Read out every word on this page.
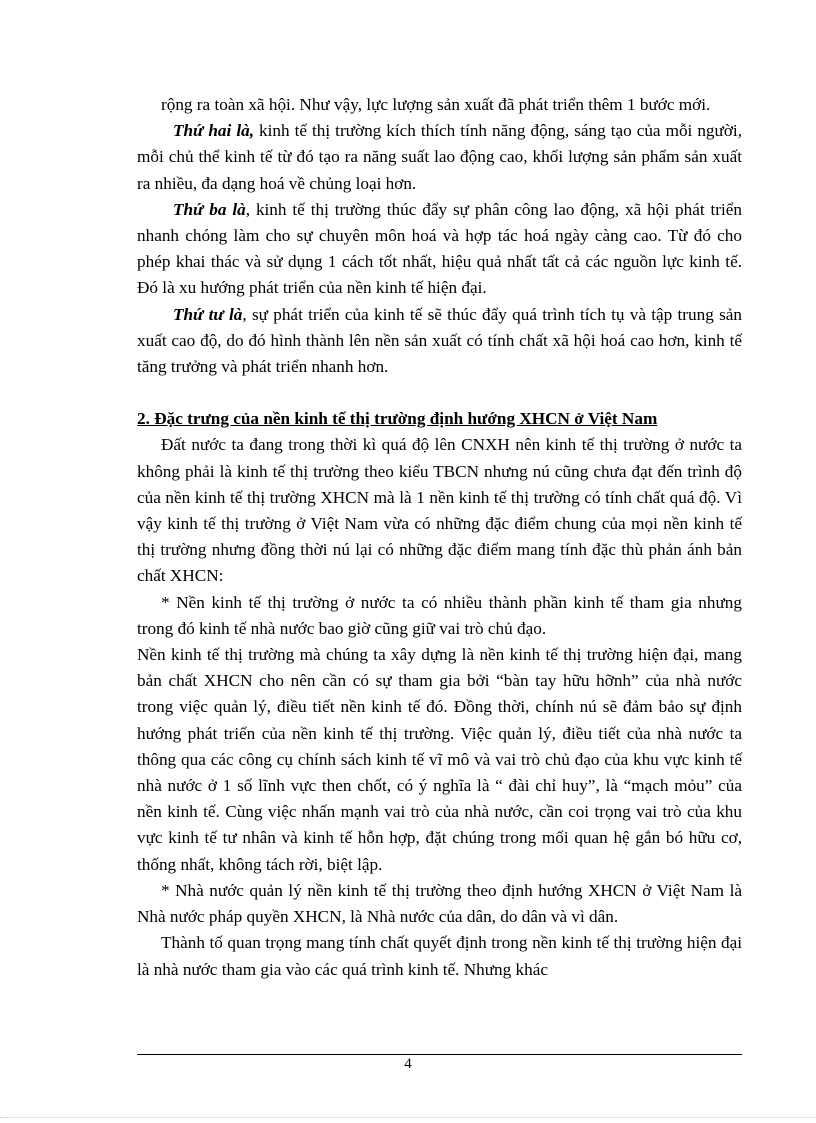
rộng ra toàn xã hội. Như vậy, lực lượng sản xuất đã phát triển thêm 1 bước mới.

Thứ hai là, kinh tế thị trường kích thích tính năng động, sáng tạo của mỗi người, mỗi chủ thể kinh tế từ đó tạo ra năng suất lao động cao, khối lượng sản phẩm sản xuất ra nhiều, đa dạng hoá về chủng loại hơn.

Thứ ba là, kinh tế thị trường thúc đẩy sự phân công lao động, xã hội phát triển nhanh chóng làm cho sự chuyên môn hoá và hợp tác hoá ngày càng cao. Từ đó cho phép khai thác và sử dụng 1 cách tốt nhất, hiệu quả nhất tất cả các nguồn lực kinh tế. Đó là xu hướng phát triển của nền kinh tế hiện đại.

Thứ tư là, sự phát triển của kinh tế sẽ thúc đẩy quá trình tích tụ và tập trung sản xuất cao độ, do đó hình thành lên nền sản xuất có tính chất xã hội hoá cao hơn, kinh tế tăng trưởng và phát triển nhanh hơn.

2. Đặc trưng của nền kinh tế thị trường định hướng XHCN ở Việt Nam

Đất nước ta đang trong thời kì quá độ lên CNXH nên kinh tế thị trường ở nước ta không phải là kinh tế thị trường theo kiểu TBCN nhưng nú cũng chưa đạt đến trình độ của nền kinh tế thị trường XHCN mà là 1 nền kinh tế thị trường có tính chất quá độ. Vì vậy kinh tế thị trường ở Việt Nam vừa có những đặc điểm chung của mọi nền kinh tế thị trường nhưng đồng thời nú lại có những đặc điểm mang tính đặc thù phản ánh bản chất XHCN:

* Nền kinh tế thị trường ở nước ta có nhiều thành phần kinh tế tham gia nhưng trong đó kinh tế nhà nước bao giờ cũng giữ vai trò chủ đạo.

Nền kinh tế thị trường mà chúng ta xây dựng là nền kinh tế thị trường hiện đại, mang bản chất XHCN cho nên cần có sự tham gia bởi “bàn tay hữu hỡnh” của nhà nước trong việc quản lý, điều tiết nền kinh tế đó. Đồng thời, chính nú sẽ đảm bảo sự định hướng phát triển của nền kinh tế thị trường. Việc quản lý, điều tiết của nhà nước ta thông qua các công cụ chính sách kinh tế vĩ mô và vai trò chủ đạo của khu vực kinh tế nhà nước ở 1 số lĩnh vực then chốt, có ý nghĩa là “ đài chỉ huy”, là “mạch mỏu” của nền kinh tế. Cùng việc nhấn mạnh vai trò của nhà nước, cần coi trọng vai trò của khu vực kinh tế tư nhân và kinh tế hỗn hợp, đặt chúng trong mối quan hệ gắn bó hữu cơ, thống nhất, không tách rời, biệt lập.

* Nhà nước quản lý nền kinh tế thị trường theo định hướng XHCN ở Việt Nam là Nhà nước pháp quyền XHCN, là Nhà nước của dân, do dân và vì dân.

Thành tố quan trọng mang tính chất quyết định trong nền kinh tế thị trường hiện đại là nhà nước tham gia vào các quá trình kinh tế. Nhưng khác

4
